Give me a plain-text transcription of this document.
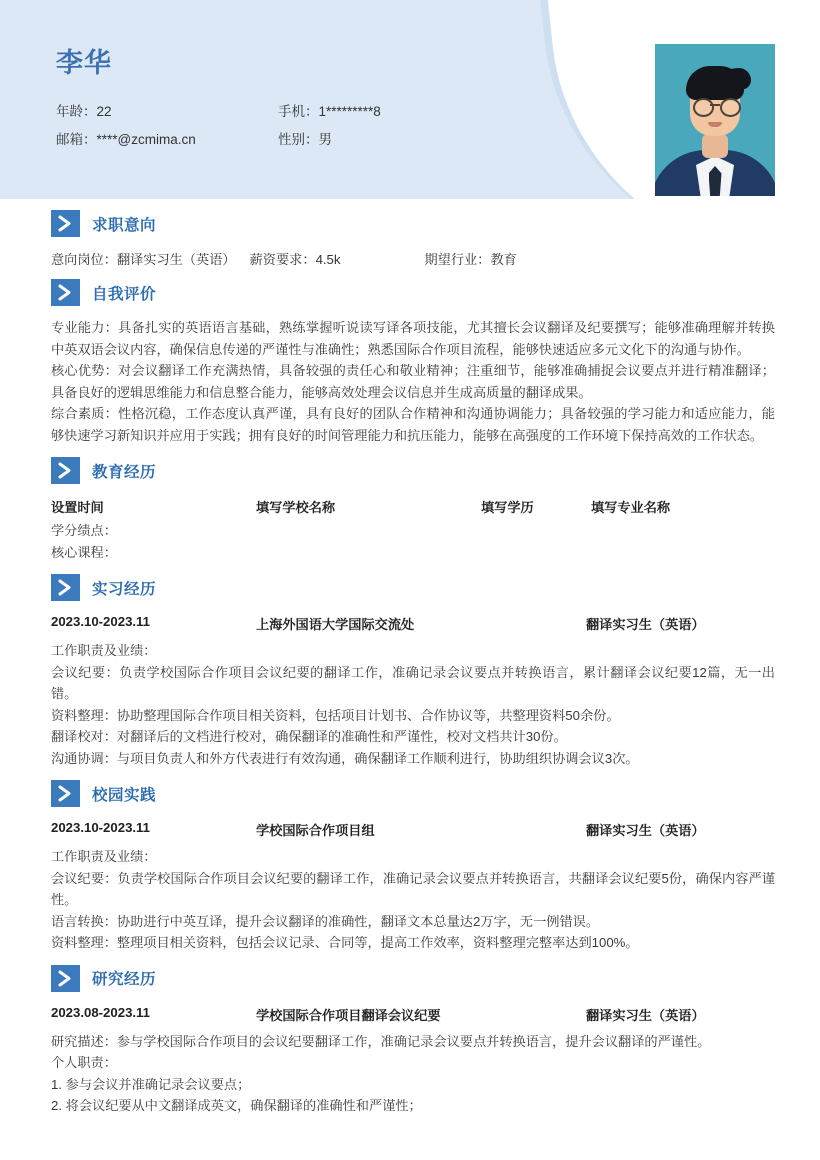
李华
年龄：22	手机：1*********8
邮箱：****@zcmima.cn	性别：男
求职意向
意向岗位：翻译实习生（英语） 薪资要求：4.5k	期望行业：教育
自我评价

专业能力：具备扎实的英语语言基础，熟练掌握听说读写译各项技能，尤其擅长会议翻译及纪要撰写；能够准确理解并转换中英双语会议内容，确保信息传递的严谨性与准确性；熟悉国际合作项目流程，能够快速适应多元文化下的沟通与协作。

核心优势：对会议翻译工作充满热情，具备较强的责任心和敬业精神；注重细节，能够准确捕捉会议要点并进行精准翻译；具备良好的逻辑思维能力和信息整合能力，能够高效处理会议信息并生成高质量的翻译成果。

综合素质：性格沉稳，工作态度认真严谨，具有良好的团队合作精神和沟通协调能力；具备较强的学习能力和适应能力，能够快速学习新知识并应用于实践；拥有良好的时间管理能力和抗压能力，能够在高强度的工作环境下保持高效的工作状态。

教育经历
设置时间	填写学校名称	填写学历	填写专业名称
学分绩点：
核心课程：
实习经历
2023.10-2023.11	上海外国语大学国际交流处	翻译实习生（英语）
工作职责及业绩：

会议纪要：负责学校国际合作项目会议纪要的翻译工作，准确记录会议要点并转换语言，累计翻译会议纪要12篇，无一出错。

资料整理：协助整理国际合作项目相关资料，包括项目计划书、合作协议等，共整理资料50余份。

翻译校对：对翻译后的文档进行校对，确保翻译的准确性和严谨性，校对文档共计30份。

沟通协调：与项目负责人和外方代表进行有效沟通，确保翻译工作顺利进行，协助组织协调会议3次。

校园实践
2023.10-2023.11	学校国际合作项目组	翻译实习生（英语）
工作职责及业绩：

会议纪要：负责学校国际合作项目会议纪要的翻译工作，准确记录会议要点并转换语言，共翻译会议纪要5份，确保内容严谨性。

语言转换：协助进行中英互译，提升会议翻译的准确性，翻译文本总量达2万字，无一例错误。

资料整理：整理项目相关资料，包括会议记录、合同等，提高工作效率，资料整理完整率达到100%。

研究经历
2023.08-2023.11	学校国际合作项目翻译会议纪要	翻译实习生（英语）

研究描述：参与学校国际合作项目的会议纪要翻译工作，准确记录会议要点并转换语言，提升会议翻译的严谨性。

个人职责：

1. 参与会议并准确记录会议要点；

2. 将会议纪要从中文翻译成英文，确保翻译的准确性和严谨性；
